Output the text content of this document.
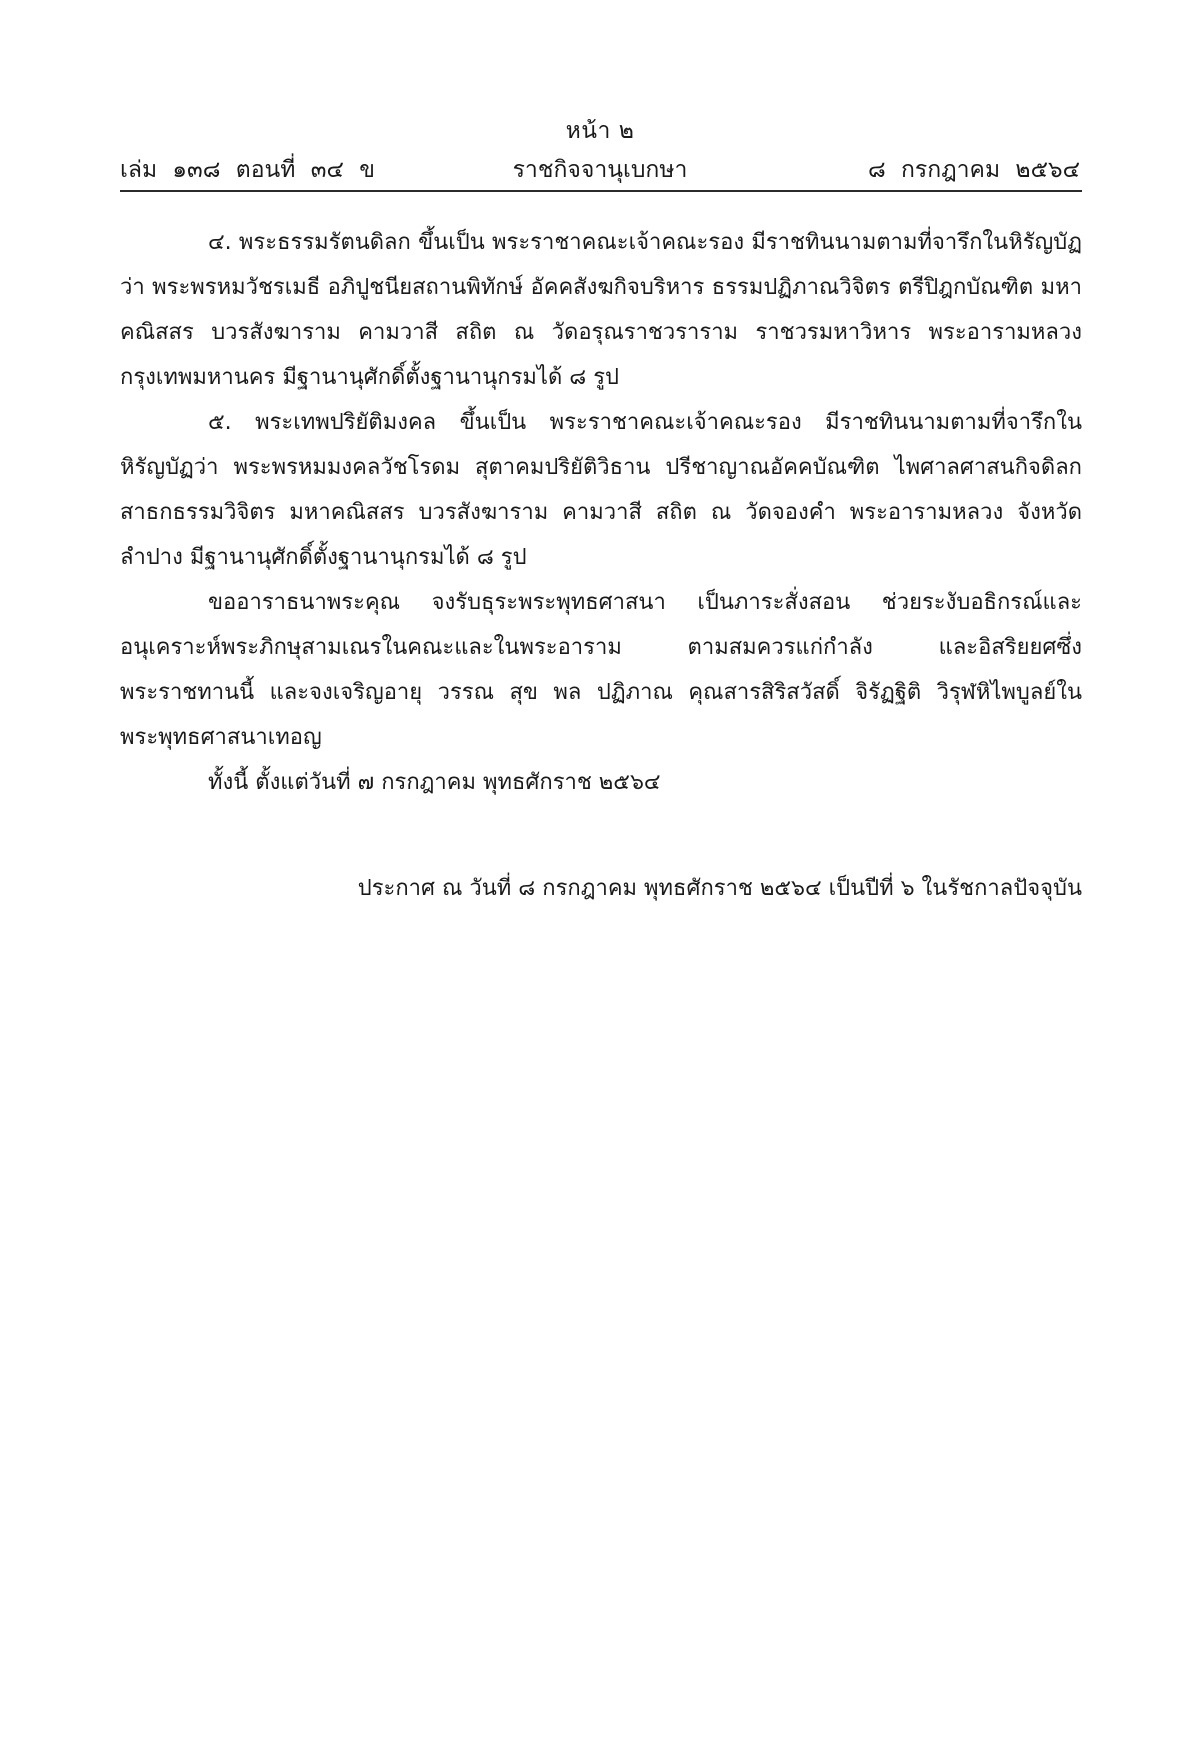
หน้า ๒
เล่ม ๑๓๘ ตอนที่ ๓๔ ข	ราชกิจจานุเบกษา	๘ กรกฎาคม ๒๕๖๔

๔. พระธรรมรัตนดิลก ขึ้นเป็น พระราชาคณะเจ้าคณะรอง มีราชทินนามตามที่จารึกในหิรัญบัฏว่า พระพรหมวัชรเมธี อภิปูชนียสถานพิทักษ์ อัคคสังฆกิจบริหาร ธรรมปฏิภาณวิจิตร ตรีปิฎกบัณฑิต มหาคณิสสร บวรสังฆาราม คามวาสี สถิต ณ วัดอรุณราชวราราม ราชวรมหาวิหาร พระอารามหลวง กรุงเทพมหานคร มีฐานานุศักดิ์ตั้งฐานานุกรมได้ ๘ รูป

๕. พระเทพปริยัติมงคล ขึ้นเป็น พระราชาคณะเจ้าคณะรอง มีราชทินนามตามที่จารึกในหิรัญบัฏว่า พระพรหมมงคลวัชโรดม สุตาคมปริยัติวิธาน ปรีชาญาณอัคคบัณฑิต ไพศาลศาสนกิจดิลก สาธกธรรมวิจิตร มหาคณิสสร บวรสังฆาราม คามวาสี สถิต ณ วัดจองคำ พระอารามหลวง จังหวัดลำปาง มีฐานานุศักดิ์ตั้งฐานานุกรมได้ ๘ รูป

ขออาราธนาพระคุณ จงรับธุระพระพุทธศาสนา เป็นภาระสั่งสอน ช่วยระงับอธิกรณ์และอนุเคราะห์พระภิกษุสามเณรในคณะและในพระอาราม ตามสมควรแก่กำลัง และอิสริยยศซึ่งพระราชทานนี้ และจงเจริญอายุ วรรณ สุข พล ปฏิภาณ คุณสารสิริสวัสดิ์ จิรัฏฐิติ วิรุฬหิไพบูลย์ในพระพุทธศาสนาเทอญ

ทั้งนี้ ตั้งแต่วันที่ ๗ กรกฎาคม พุทธศักราช ๒๕๖๔

ประกาศ ณ วันที่ ๘ กรกฎาคม พุทธศักราช ๒๕๖๔ เป็นปีที่ ๖ ในรัชกาลปัจจุบัน
